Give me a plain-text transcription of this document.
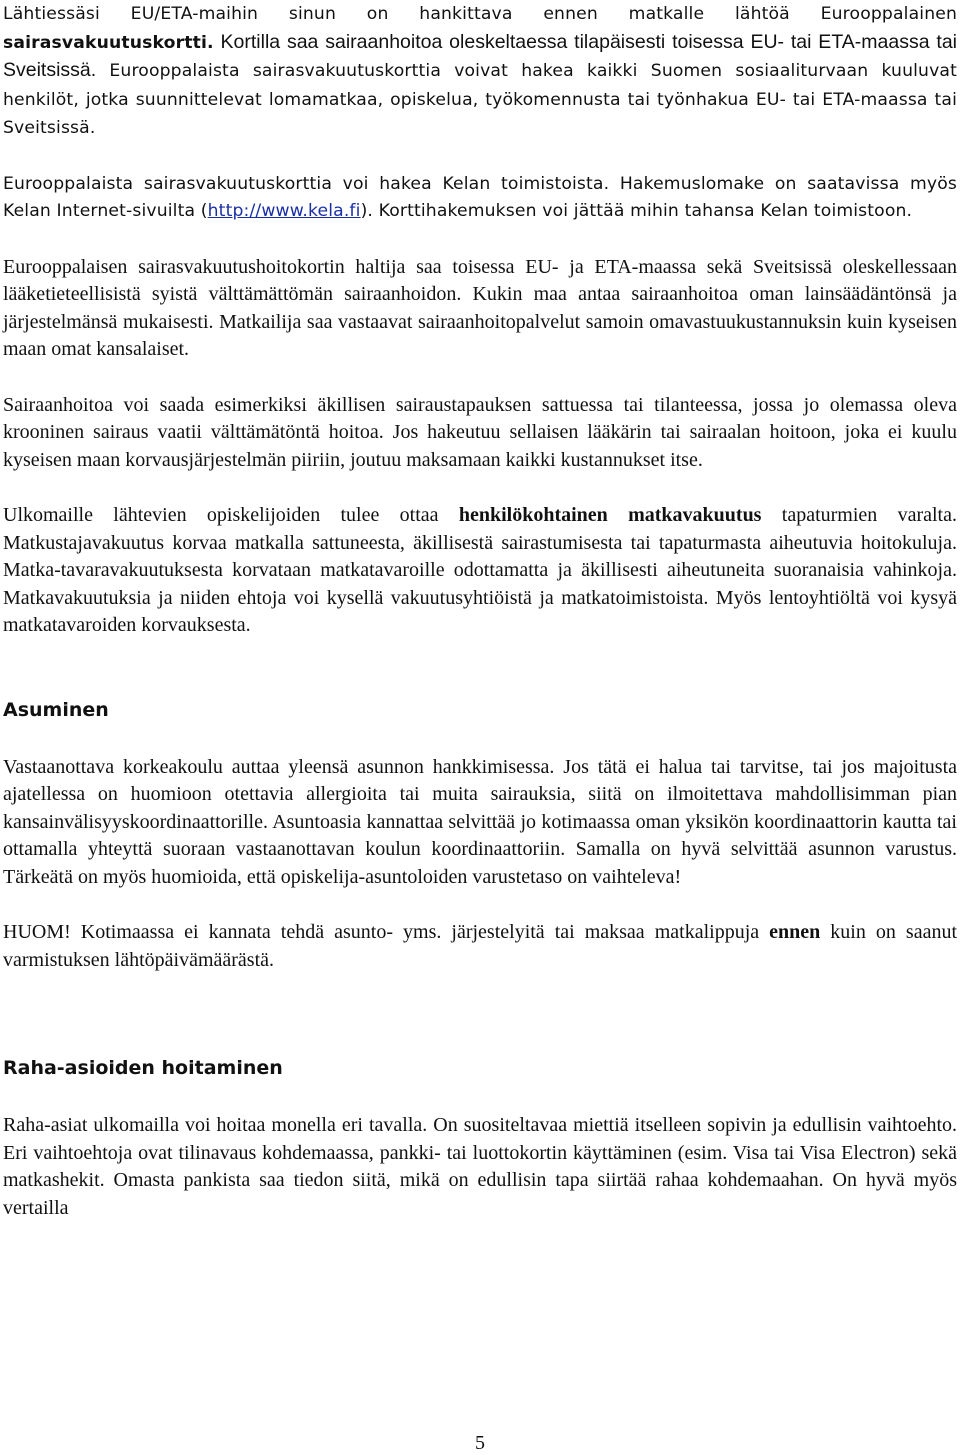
Lähtiessäsi EU/ETA-maihin sinun on hankittava ennen matkalle lähtöä Eurooppalainen sairasvakuutuskortti. Kortilla saa sairaanhoitoa oleskeltaessa tilapäisesti toisessa EU- tai ETA-maassa tai Sveitsissä. Eurooppalaista sairasvakuutuskorttia voivat hakea kaikki Suomen sosiaaliturvaan kuuluvat henkilöt, jotka suunnittelevat lomamatkaa, opiskelua, työkomennusta tai työnhakua EU- tai ETA-maassa tai Sveitsissä.

Eurooppalaista sairasvakuutuskorttia voi hakea Kelan toimistoista. Hakemuslomake on saatavissa myös Kelan Internet-sivuilta (http://www.kela.fi). Korttihakemuksen voi jättää mihin tahansa Kelan toimistoon.

Eurooppalaisen sairasvakuutushoitokortin haltija saa toisessa EU- ja ETA-maassa sekä Sveitsissä oleskellessaan lääketieteellisistä syistä välttämättömän sairaanhoidon. Kukin maa antaa sairaanhoitoa oman lainsäädäntönsä ja järjestelmänsä mukaisesti. Matkailija saa vastaavat sairaanhoitopalvelut samoin omavastuukustannuksin kuin kyseisen maan omat kansalaiset.

Sairaanhoitoa voi saada esimerkiksi äkillisen sairaustapauksen sattuessa tai tilanteessa, jossa jo olemassa oleva krooninen sairaus vaatii välttämätöntä hoitoa. Jos hakeutuu sellaisen lääkärin tai sairaalan hoitoon, joka ei kuulu kyseisen maan korvausjärjestelmän piiriin, joutuu maksamaan kaikki kustannukset itse.

Ulkomaille lähtevien opiskelijoiden tulee ottaa henkilökohtainen matkavakuutus tapaturmien varalta. Matkustajavakuutus korvaa matkalla sattuneesta, äkillisestä sairastumisesta tai tapaturmasta aiheutuvia hoitokuluja. Matka-tavaravakuutuksesta korvataan matkatavaroille odottamatta ja äkillisesti aiheutuneita suoranaisia vahinkoja. Matkavakuutuksia ja niiden ehtoja voi kysellä vakuutusyhtiöistä ja matkatoimistoista. Myös lentoyhtiöltä voi kysyä matkatavaroiden korvauksesta.

Asuminen

Vastaanottava korkeakoulu auttaa yleensä asunnon hankkimisessa. Jos tätä ei halua tai tarvitse, tai jos majoitusta ajatellessa on huomioon otettavia allergioita tai muita sairauksia, siitä on ilmoitettava mahdollisimman pian kansainvälisyyskoordinaattorille. Asuntoasia kannattaa selvittää jo kotimaassa oman yksikön koordinaattorin kautta tai ottamalla yhteyttä suoraan vastaanottavan koulun koordinaattoriin. Samalla on hyvä selvittää asunnon varustus. Tärkeätä on myös huomioida, että opiskelija-asuntoloiden varustetaso on vaihteleva!

HUOM! Kotimaassa ei kannata tehdä asunto- yms. järjestelyitä tai maksaa matkalippuja ennen kuin on saanut varmistuksen lähtöpäivämäärästä.

Raha-asioiden hoitaminen

Raha-asiat ulkomailla voi hoitaa monella eri tavalla. On suositeltavaa miettiä itselleen sopivin ja edullisin vaihtoehto. Eri vaihtoehtoja ovat tilinavaus kohdemaassa, pankki- tai luottokortin käyttäminen (esim. Visa tai Visa Electron) sekä matkashekit. Omasta pankista saa tiedon siitä, mikä on edullisin tapa siirtää rahaa kohdemaahan. On hyvä myös vertailla

5
